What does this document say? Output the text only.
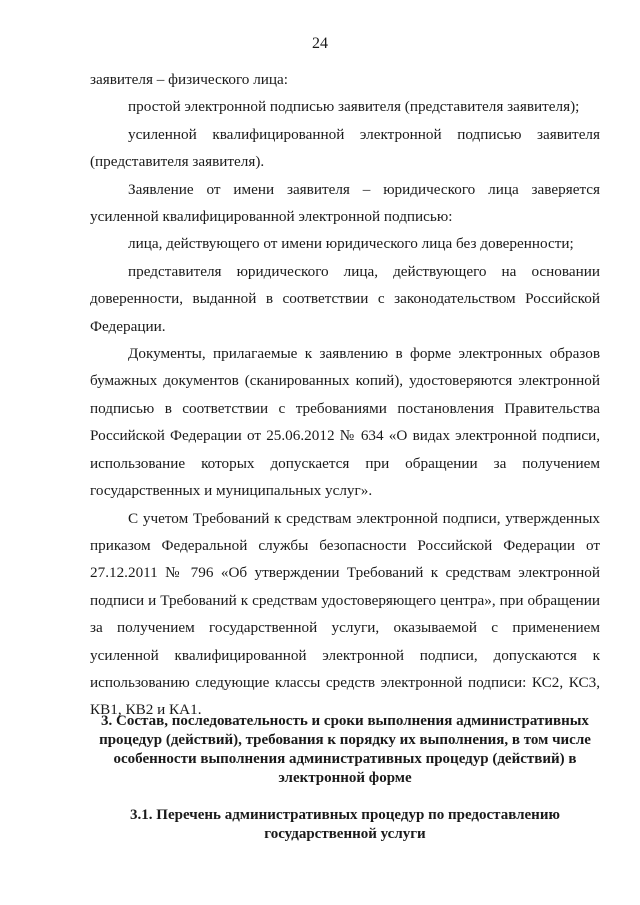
24

заявителя – физического лица:

простой электронной подписью заявителя (представителя заявителя);

усиленной квалифицированной электронной подписью заявителя (представителя заявителя).

Заявление от имени заявителя – юридического лица заверяется усиленной квалифицированной электронной подписью:

лица, действующего от имени юридического лица без доверенности;

представителя юридического лица, действующего на основании доверенности, выданной в соответствии с законодательством Российской Федерации.

Документы, прилагаемые к заявлению в форме электронных образов бумажных документов (сканированных копий), удостоверяются электронной подписью в соответствии с требованиями постановления Правительства Российской Федерации от 25.06.2012 № 634 «О видах электронной подписи, использование которых допускается при обращении за получением государственных и муниципальных услуг».

С учетом Требований к средствам электронной подписи, утвержденных приказом Федеральной службы безопасности Российской Федерации от 27.12.2011 № 796 «Об утверждении Требований к средствам электронной подписи и Требований к средствам удостоверяющего центра», при обращении за получением государственной услуги, оказываемой с применением усиленной квалифицированной электронной подписи, допускаются к использованию следующие классы средств электронной подписи: КС2, КС3, КВ1, КВ2 и КА1.

3. Состав, последовательность и сроки выполнения административных процедур (действий), требования к порядку их выполнения, в том числе особенности выполнения административных процедур (действий) в электронной форме

3.1. Перечень административных процедур по предоставлению государственной услуги
